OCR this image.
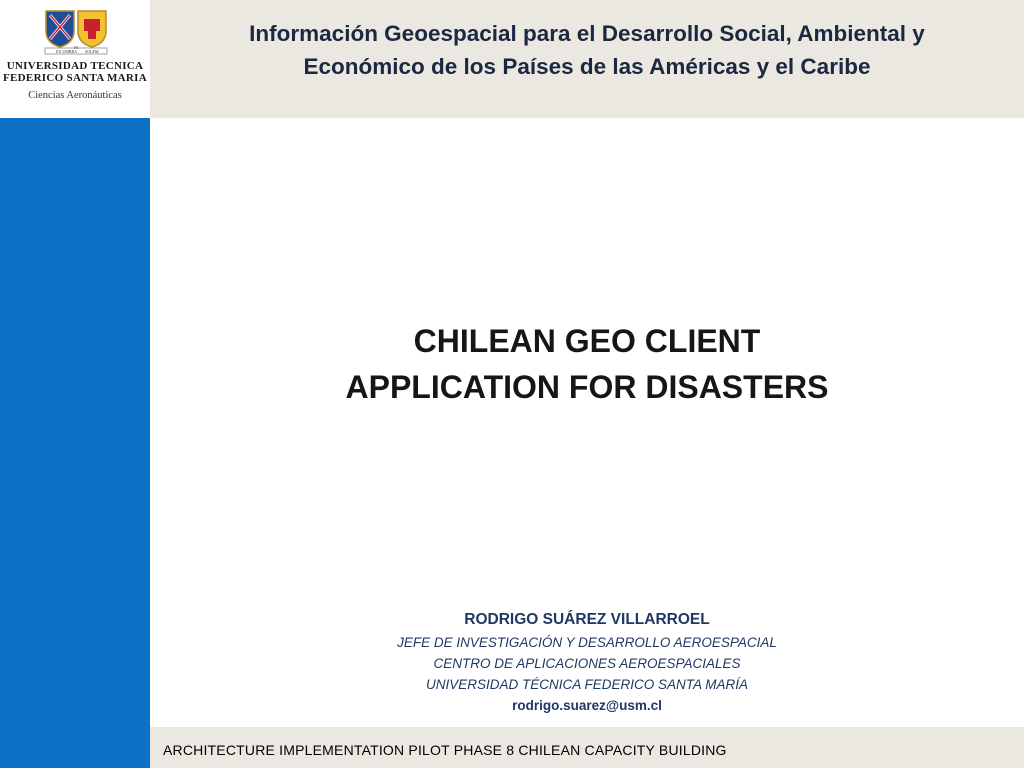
EX UMBRA
IN
SOLEM
UNIVERSIDAD TECNICA
FEDERICO SANTA MARIA
Ciencias Aeronáuticas
Información Geoespacial para el Desarrollo Social, Ambiental y
Económico de los Países de las Américas y el Caribe
CHILEAN GEO CLIENT
APPLICATION FOR DISASTERS
RODRIGO SUÁREZ VILLARROEL
JEFE DE INVESTIGACIÓN Y DESARROLLO AEROESPACIAL
CENTRO DE APLICACIONES AEROESPACIALES
UNIVERSIDAD TÉCNICA FEDERICO SANTA MARÍA
rodrigo.suarez@usm.cl
ARCHITECTURE IMPLEMENTATION PILOT PHASE 8 CHILEAN CAPACITY BUILDING
